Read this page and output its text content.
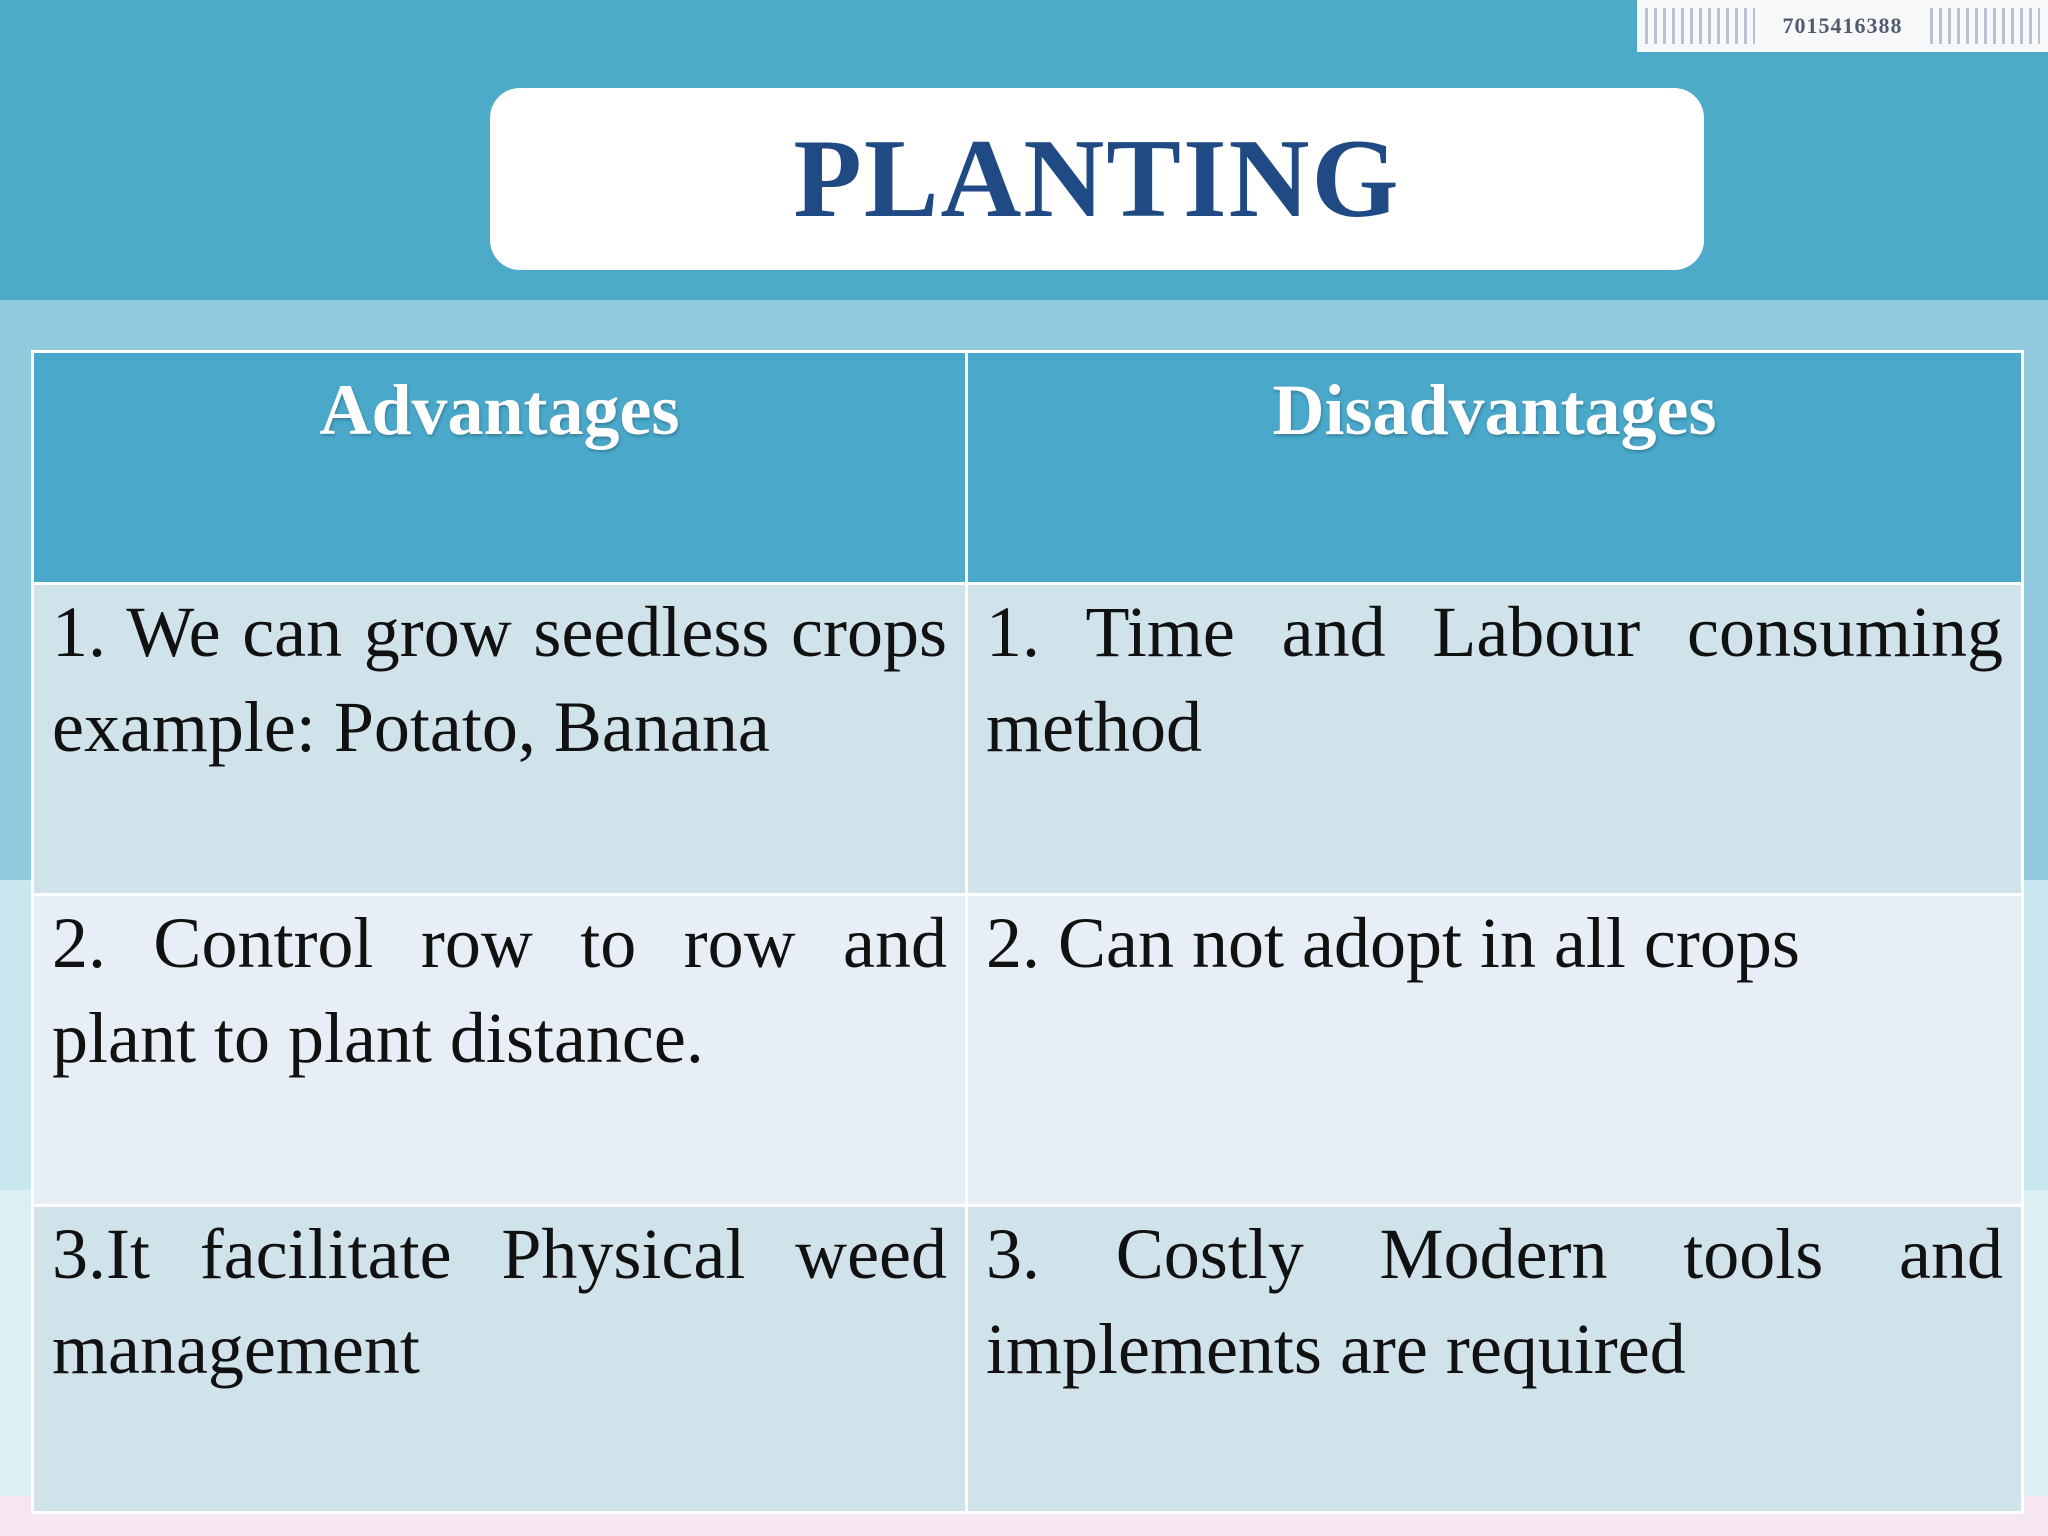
7015416388
PLANTING
Advantages	Disadvantages
1. We can grow seedless crops example: Potato, Banana	1. Time and Labour consuming method
2. Control row to row and plant to plant distance.	2. Can not adopt in all crops
3.It facilitate Physical weed management	3. Costly Modern tools and implements are required
